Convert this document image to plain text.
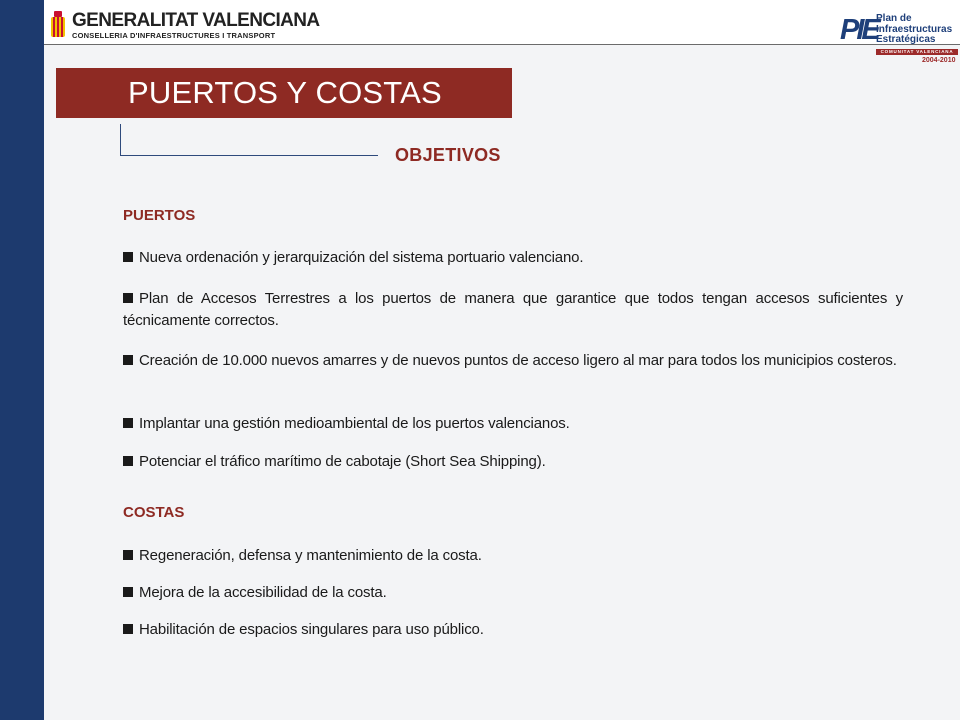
GENERALITAT VALENCIANA
CONSELLERIA D'INFRAESTRUCTURES I TRANSPORT	PIE
Plan de
Infraestructuras
Estratégicas
COMUNITAT VALENCIANA
2004-2010
PUERTOS Y COSTAS
OBJETIVOS
PUERTOS
Nueva ordenación y jerarquización del sistema portuario valenciano.
Plan de Accesos Terrestres a los puertos de manera que garantice que todos tengan accesos suficientes y técnicamente correctos.
Creación de 10.000 nuevos amarres y de nuevos puntos de acceso ligero al mar para todos los municipios costeros.
Implantar una gestión medioambiental de los puertos valencianos.
Potenciar el tráfico marítimo de cabotaje (Short Sea Shipping).
COSTAS
Regeneración, defensa y mantenimiento de la costa.
Mejora de la accesibilidad de la costa.
Habilitación de espacios singulares para uso público.
